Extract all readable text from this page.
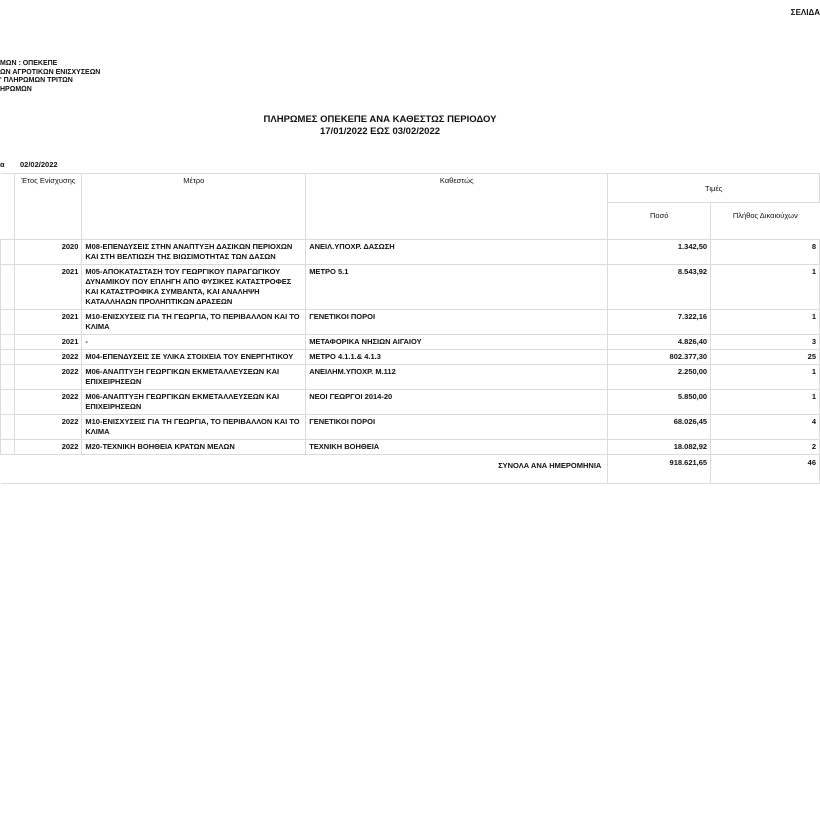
ΣΕΛΙΔΑ
ΜΩΝ : ΟΠΕΚΕΠΕ
ΩΝ ΑΓΡΟΤΙΚΩΝ ΕΝΙΣΧΥΣΕΩΝ
' ΠΛΗΡΩΜΩΝ ΤΡΙΤΩΝ
ΗΡΩΜΩΝ
ΠΛΗΡΩΜΕΣ ΟΠΕΚΕΠΕ ΑΝΑ ΚΑΘΕΣΤΩΣ ΠΕΡΙΟΔΟΥ
17/01/2022 ΕΩΣ 03/02/2022
α 02/02/2022
	Έτος Ενίσχυσης	Μέτρο	Καθεστώς	Τιμές	
				Ποσό	Πλήθος Δικαιούχων
	2020	M08-ΕΠΕΝΔΥΣΕΙΣ ΣΤΗΝ ΑΝΑΠΤΥΞΗ ΔΑΣΙΚΩΝ ΠΕΡΙΟΧΩΝ ΚΑΙ ΣΤΗ ΒΕΛΤΙΩΣΗ ΤΗΣ ΒΙΩΣΙΜΟΤΗΤΑΣ ΤΩΝ ΔΑΣΩΝ	ΑΝΕΙΛ.ΥΠΟΧΡ. ΔΑΣΩΣΗ	1.342,50	8
	2021	M05-ΑΠΟΚΑΤΑΣΤΑΣΗ ΤΟΥ ΓΕΩΡΓΙΚΟΥ ΠΑΡΑΓΩΓΙΚΟΥ ΔΥΝΑΜΙΚΟΥ ΠΟΥ ΕΠΛΗΓΗ ΑΠΟ ΦΥΣΙΚΕΣ ΚΑΤΑΣΤΡΟΦΕΣ ΚΑΙ ΚΑΤΑΣΤΡΟΦΙΚΑ ΣΥΜΒΑΝΤΑ, ΚΑΙ ΑΝΑΛΗΨΗ ΚΑΤΑΛΛΗΛΩΝ ΠΡΟΛΗΠΤΙΚΩΝ ΔΡΑΣΕΩΝ	ΜΕΤΡΟ 5.1	8.543,92	1
	2021	M10-ΕΝΙΣΧΥΣΕΙΣ ΓΙΑ ΤΗ ΓΕΩΡΓΙΑ, ΤΟ ΠΕΡΙΒΑΛΛΟΝ ΚΑΙ ΤΟ ΚΛΙΜΑ	ΓΕΝΕΤΙΚΟΙ ΠΟΡΟΙ	7.322,16	1
	2021	-	ΜΕΤΑΦΟΡΙΚΑ ΝΗΣΙΩΝ ΑΙΓΑΙΟΥ	4.826,40	3
	2022	M04-ΕΠΕΝΔΥΣΕΙΣ ΣΕ ΥΛΙΚΑ ΣΤΟΙΧΕΙΑ ΤΟΥ ΕΝΕΡΓΗΤΙΚΟΥ	ΜΕΤΡΟ 4.1.1.& 4.1.3	802.377,30	25
	2022	M06-ΑΝΑΠΤΥΞΗ ΓΕΩΡΓΙΚΩΝ ΕΚΜΕΤΑΛΛΕΥΣΕΩΝ ΚΑΙ ΕΠΙΧΕΙΡΗΣΕΩΝ	ΑΝΕΙΛΗΜ.ΥΠΟΧΡ. Μ.112	2.250,00	1
	2022	M06-ΑΝΑΠΤΥΞΗ ΓΕΩΡΓΙΚΩΝ ΕΚΜΕΤΑΛΛΕΥΣΕΩΝ ΚΑΙ ΕΠΙΧΕΙΡΗΣΕΩΝ	ΝΕΟΙ ΓΕΩΡΓΟΙ 2014-20	5.850,00	1
	2022	M10-ΕΝΙΣΧΥΣΕΙΣ ΓΙΑ ΤΗ ΓΕΩΡΓΙΑ, ΤΟ ΠΕΡΙΒΑΛΛΟΝ ΚΑΙ ΤΟ ΚΛΙΜΑ	ΓΕΝΕΤΙΚΟΙ ΠΟΡΟΙ	68.026,45	4
	2022	M20-ΤΕΧΝΙΚΗ ΒΟΗΘΕΙΑ ΚΡΑΤΩΝ ΜΕΛΩΝ	ΤΕΧΝΙΚΗ ΒΟΗΘΕΙΑ	18.082,92	2
	ΣΥΝΟΛΑ ΑΝΑ ΗΜΕΡΟΜΗΝΙΑ			918.621,65	46
